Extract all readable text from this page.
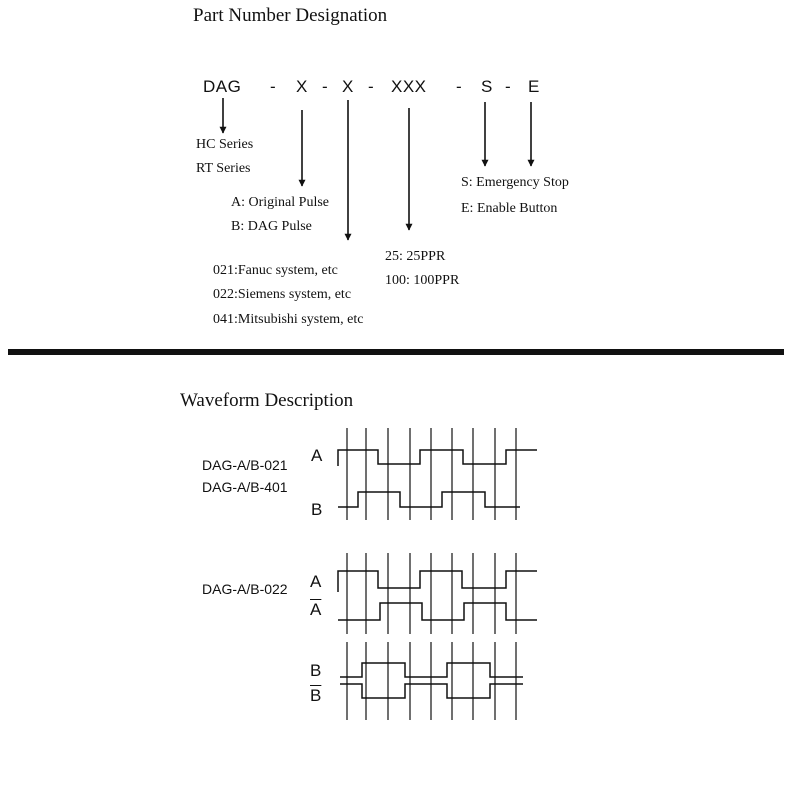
Part Number Designation
DAG - X - X - XXX - S - E
HC Series
RT Series
A: Original Pulse
B: DAG Pulse
021:Fanuc system, etc
022:Siemens system, etc
041:Mitsubishi system, etc
25: 25PPR
100: 100PPR
S: Emergency Stop
E: Enable Button
Waveform Description
DAG-A/B-021
DAG-A/B-401
A
B
DAG-A/B-022 A
$\overline{A}$
B
$\overline{B}$
